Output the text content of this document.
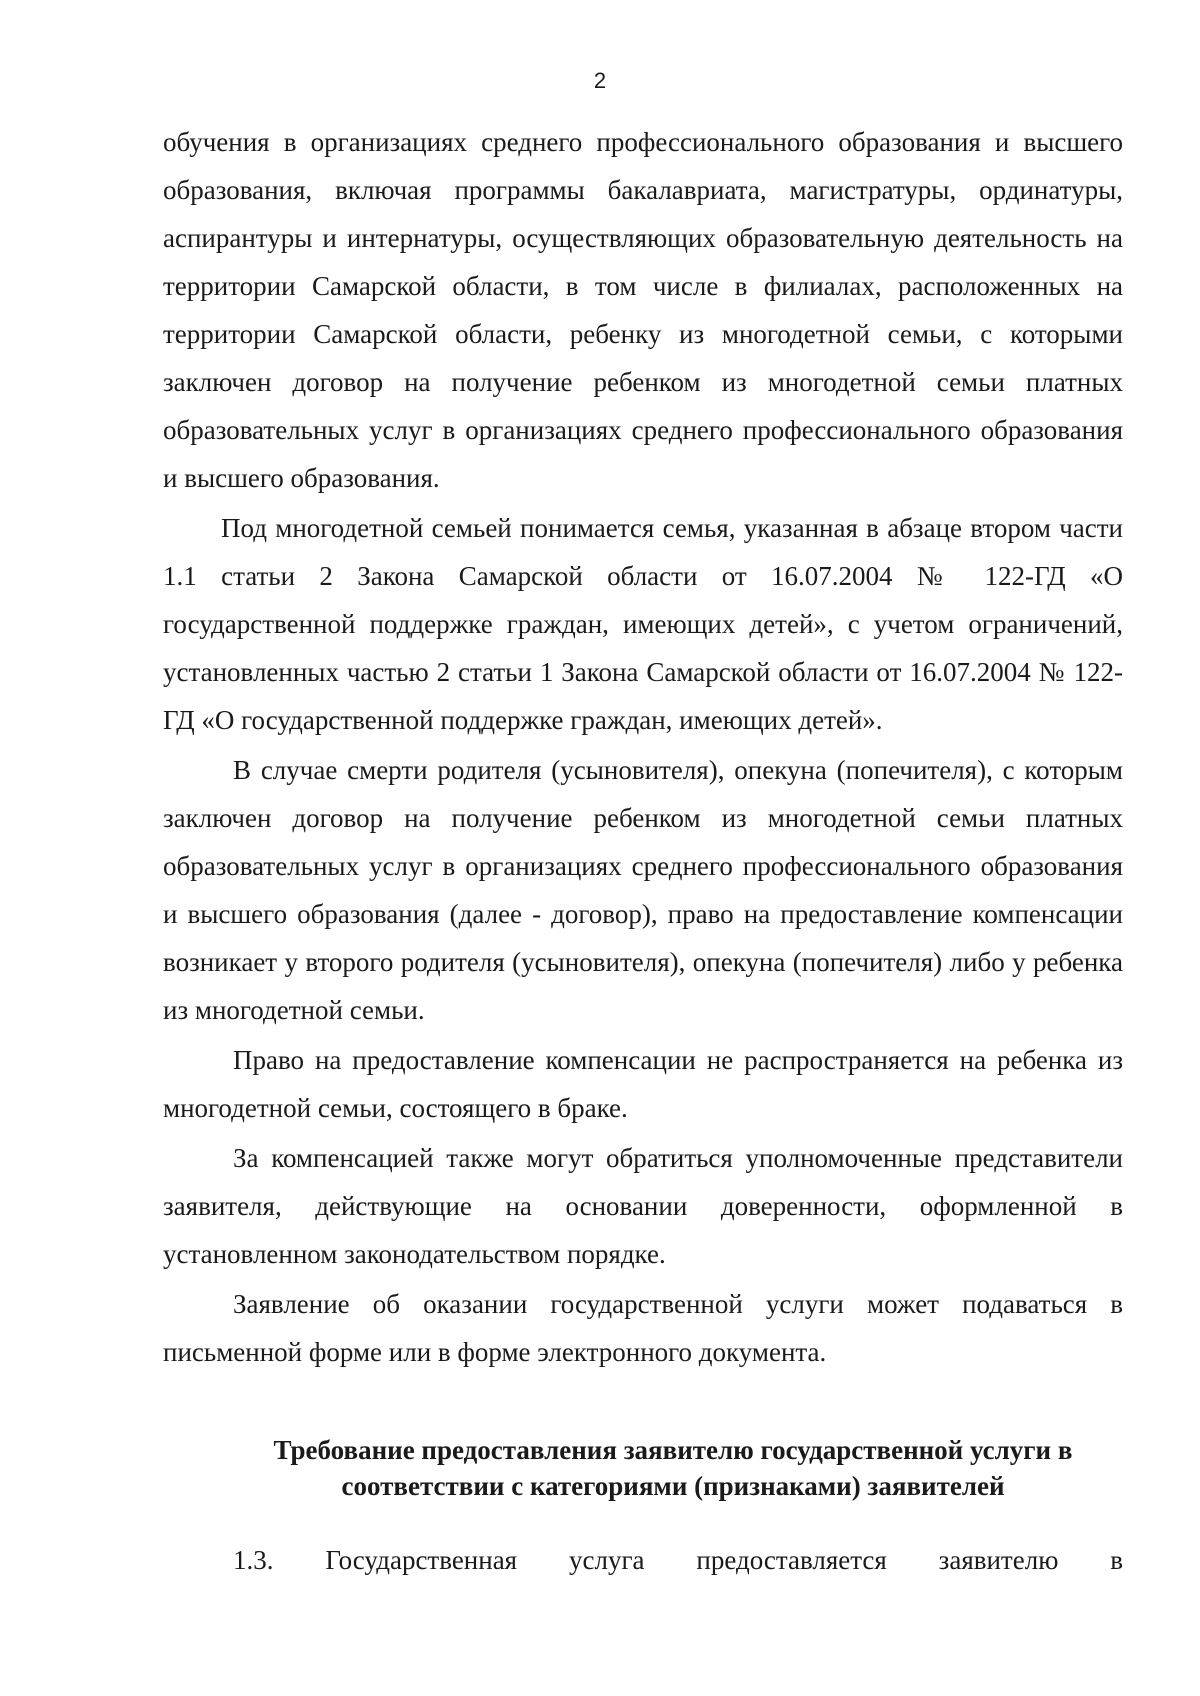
2

обучения в организациях среднего профессионального образования и высшего образования, включая программы бакалавриата, магистратуры, ординатуры, аспирантуры и интернатуры, осуществляющих образовательную деятельность на территории Самарской области, в том числе в филиалах, расположенных на территории Самарской области, ребенку из многодетной семьи, с которыми заключен договор на получение ребенком из многодетной семьи платных образовательных услуг в организациях среднего профессионального образования и высшего образования.

Под многодетной семьей понимается семья, указанная в абзаце втором части 1.1 статьи 2 Закона Самарской области от 16.07.2004 № 122-ГД «О государственной поддержке граждан, имеющих детей», с учетом ограничений, установленных частью 2 статьи 1 Закона Самарской области от 16.07.2004 № 122-ГД «О государственной поддержке граждан, имеющих детей».

В случае смерти родителя (усыновителя), опекуна (попечителя), с которым заключен договор на получение ребенком из многодетной семьи платных образовательных услуг в организациях среднего профессионального образования и высшего образования (далее - договор), право на предоставление компенсации возникает у второго родителя (усыновителя), опекуна (попечителя) либо у ребенка из многодетной семьи.

Право на предоставление компенсации не распространяется на ребенка из многодетной семьи, состоящего в браке.

За компенсацией также могут обратиться уполномоченные представители заявителя, действующие на основании доверенности, оформленной в установленном законодательством порядке.

Заявление об оказании государственной услуги может подаваться в письменной форме или в форме электронного документа.

Требование предоставления заявителю государственной услуги в
соответствии с категориями (признаками) заявителей

1.3. Государственная услуга предоставляется заявителю в
